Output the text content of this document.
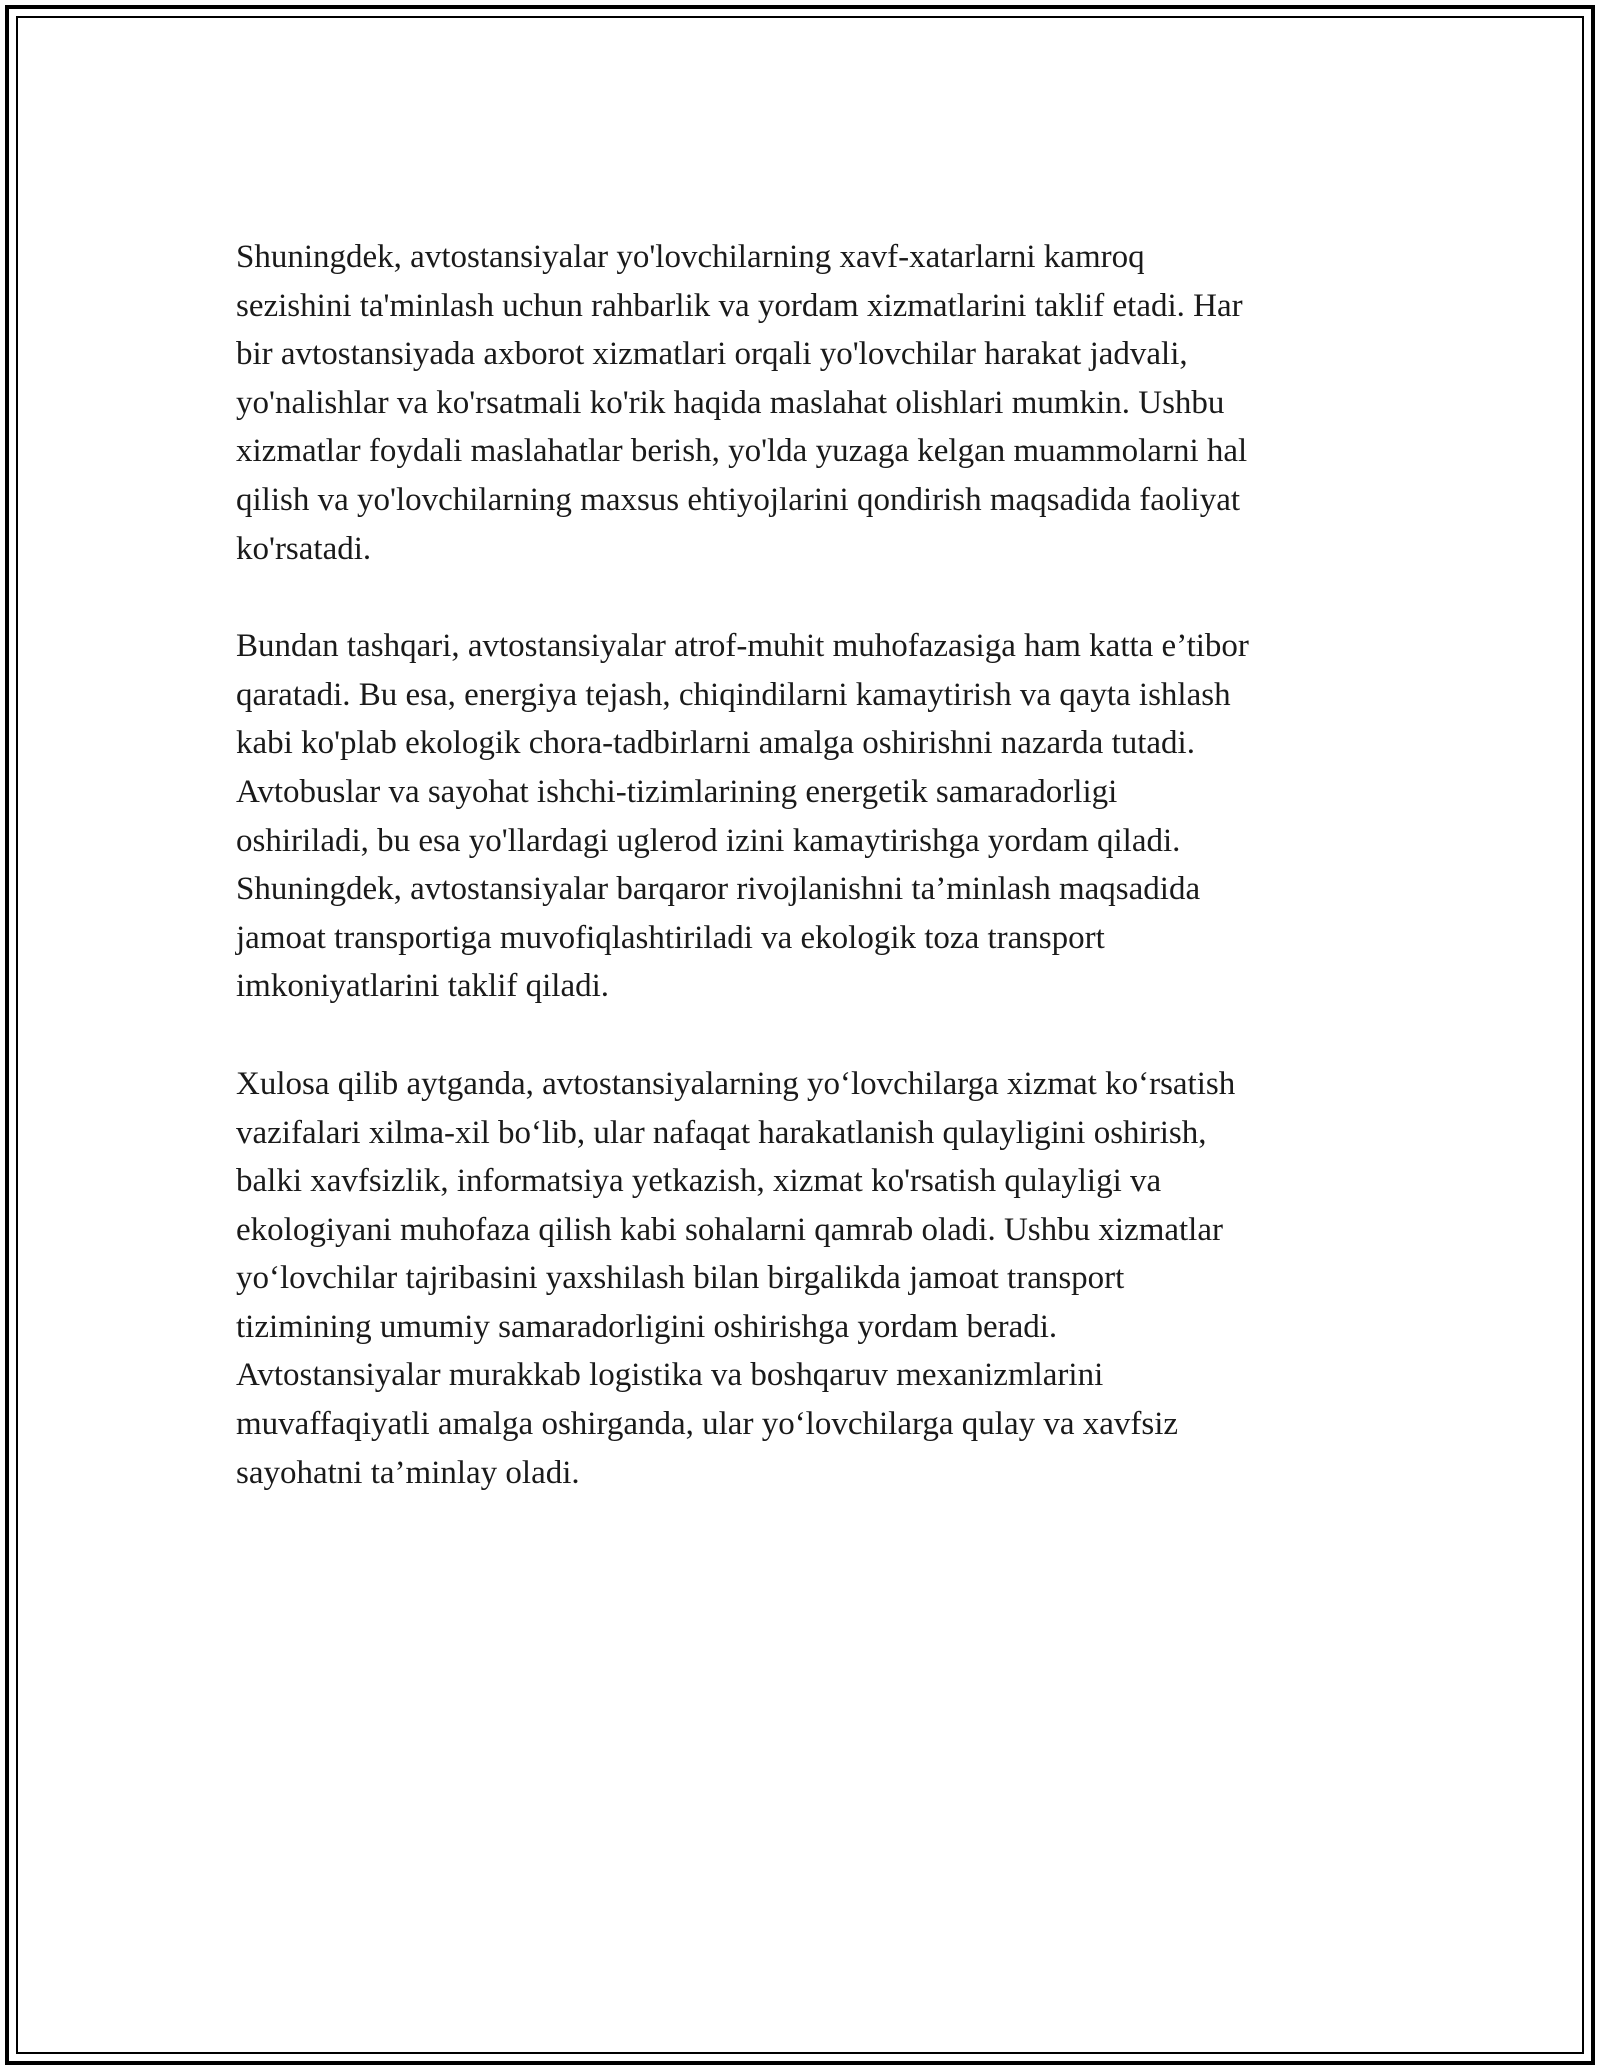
Shuningdek, avtostansiyalar yo'lovchilarning xavf-xatarlarni kamroq
sezishini ta'minlash uchun rahbarlik va yordam xizmatlarini taklif etadi. Har
bir avtostansiyada axborot xizmatlari orqali yo'lovchilar harakat jadvali,
yo'nalishlar va ko'rsatmali ko'rik haqida maslahat olishlari mumkin. Ushbu
xizmatlar foydali maslahatlar berish, yo'lda yuzaga kelgan muammolarni hal
qilish va yo'lovchilarning maxsus ehtiyojlarini qondirish maqsadida faoliyat
ko'rsatadi.

Bundan tashqari, avtostansiyalar atrof-muhit muhofazasiga ham katta e’tibor
qaratadi. Bu esa, energiya tejash, chiqindilarni kamaytirish va qayta ishlash
kabi ko'plab ekologik chora-tadbirlarni amalga oshirishni nazarda tutadi.
Avtobuslar va sayohat ishchi-tizimlarining energetik samaradorligi
oshiriladi, bu esa yo'llardagi uglerod izini kamaytirishga yordam qiladi.
Shuningdek, avtostansiyalar barqaror rivojlanishni ta’minlash maqsadida
jamoat transportiga muvofiqlashtiriladi va ekologik toza transport
imkoniyatlarini taklif qiladi.

Xulosa qilib aytganda, avtostansiyalarning yo‘lovchilarga xizmat ko‘rsatish
vazifalari xilma-xil bo‘lib, ular nafaqat harakatlanish qulayligini oshirish,
balki xavfsizlik, informatsiya yetkazish, xizmat ko'rsatish qulayligi va
ekologiyani muhofaza qilish kabi sohalarni qamrab oladi. Ushbu xizmatlar
yo‘lovchilar tajribasini yaxshilash bilan birgalikda jamoat transport
tizimining umumiy samaradorligini oshirishga yordam beradi.
Avtostansiyalar murakkab logistika va boshqaruv mexanizmlarini
muvaffaqiyatli amalga oshirganda, ular yo‘lovchilarga qulay va xavfsiz
sayohatni ta’minlay oladi.
